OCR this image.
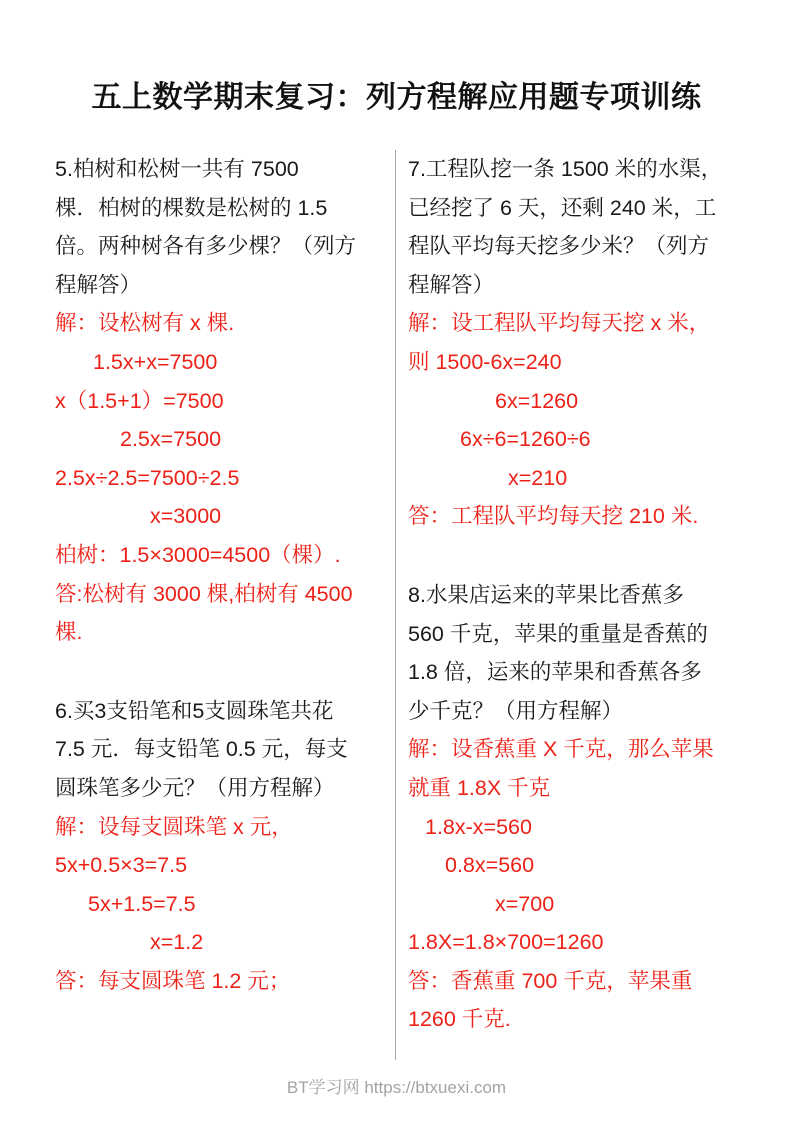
五上数学期末复习：列方程解应用题专项训练

5.柏树和松树一共有 7500

棵．柏树的棵数是松树的 1.5

倍。两种树各有多少棵？（列方

程解答）

解：设松树有 x 棵.

1.5x+x=7500

x（1.5+1）=7500

2.5x=7500

2.5x÷2.5=7500÷2.5

x=3000

柏树：1.5×3000=4500（棵）.

答:松树有 3000 棵,柏树有 4500

棵.

6.买3支铅笔和5支圆珠笔共花

7.5 元．每支铅笔 0.5 元，每支

圆珠笔多少元？（用方程解）

解：设每支圆珠笔 x 元，

5x+0.5×3=7.5

5x+1.5=7.5

x=1.2

答：每支圆珠笔 1.2 元；

7.工程队挖一条 1500 米的水渠，

已经挖了 6 天，还剩 240 米，工

程队平均每天挖多少米？（列方

程解答）

解：设工程队平均每天挖 x 米，

则 1500-6x=240

6x=1260

6x÷6=1260÷6

x=210

答：工程队平均每天挖 210 米.

8.水果店运来的苹果比香蕉多

560 千克，苹果的重量是香蕉的

1.8 倍，运来的苹果和香蕉各多

少千克？（用方程解）

解：设香蕉重 X 千克，那么苹果

就重 1.8X 千克

1.8x-x=560

0.8x=560

x=700

1.8X=1.8×700=1260

答：香蕉重 700 千克，苹果重

1260 千克.

BT学习网 https://btxuexi.com
